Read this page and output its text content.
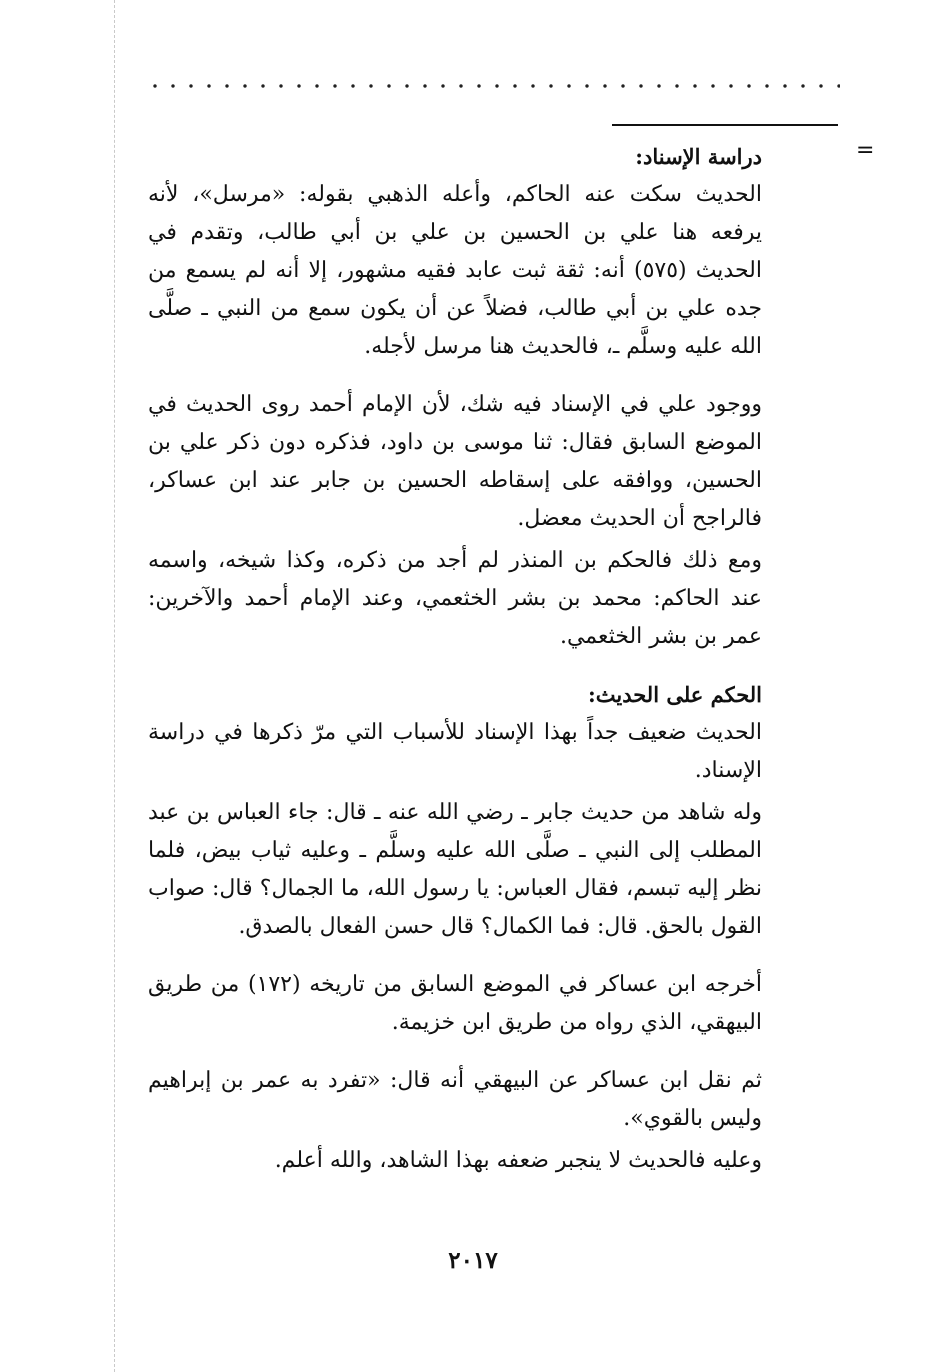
=
دراسة الإسناد:

الحديث سكت عنه الحاكم، وأعله الذهبي بقوله: «مرسل»، لأنه يرفعه هنا علي بن الحسين بن علي بن أبي طالب، وتقدم في الحديث (٥٧٥) أنه: ثقة ثبت عابد فقيه مشهور، إلا أنه لم يسمع من جده علي بن أبي طالب، فضلاً عن أن يكون سمع من النبي ـ صلَّى الله عليه وسلَّم ـ، فالحديث هنا مرسل لأجله.

ووجود علي في الإسناد فيه شك، لأن الإمام أحمد روى الحديث في الموضع السابق فقال: ثنا موسى بن داود، فذكره دون ذكر علي بن الحسين، ووافقه على إسقاطه الحسين بن جابر عند ابن عساكر، فالراجح أن الحديث معضل.

ومع ذلك فالحكم بن المنذر لم أجد من ذكره، وكذا شيخه، واسمه عند الحاكم: محمد بن بشر الخثعمي، وعند الإمام أحمد والآخرين: عمر بن بشر الخثعمي.

الحكم على الحديث:

الحديث ضعيف جداً بهذا الإسناد للأسباب التي مرّ ذكرها في دراسة الإسناد.

وله شاهد من حديث جابر ـ رضي الله عنه ـ قال: جاء العباس بن عبد المطلب إلى النبي ـ صلَّى الله عليه وسلَّم ـ وعليه ثياب بيض، فلما نظر إليه تبسم، فقال العباس: يا رسول الله، ما الجمال؟ قال: صواب القول بالحق. قال: فما الكمال؟ قال حسن الفعال بالصدق.

أخرجه ابن عساكر في الموضع السابق من تاريخه (١٧٢) من طريق البيهقي، الذي رواه من طريق ابن خزيمة.

ثم نقل ابن عساكر عن البيهقي أنه قال: «تفرد به عمر بن إبراهيم وليس بالقوي».

وعليه فالحديث لا ينجبر ضعفه بهذا الشاهد، والله أعلم.

٢٠١٧
